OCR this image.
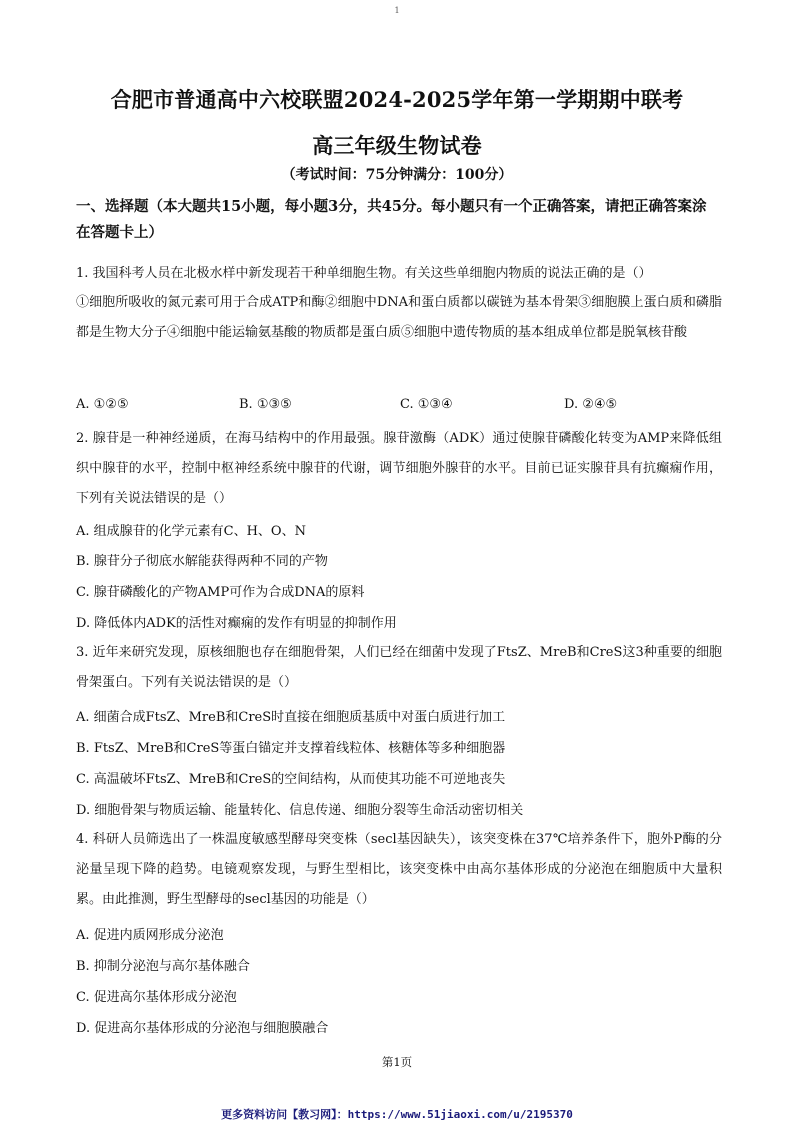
1
合肥市普通高中六校联盟2024-2025学年第一学期期中联考
高三年级生物试卷
（考试时间：75分钟满分：100分）
一、选择题（本大题共15小题，每小题3分，共45分。每小题只有一个正确答案，请把正确答案涂在答题卡上）
1. 我国科考人员在北极水样中新发现若干种单细胞生物。有关这些单细胞内物质的说法正确的是（）
①细胞所吸收的氮元素可用于合成ATP和酶②细胞中DNA和蛋白质都以碳链为基本骨架③细胞膜上蛋白质和磷脂都是生物大分子④细胞中能运输氨基酸的物质都是蛋白质⑤细胞中遗传物质的基本组成单位都是脱氧核苷酸
A. ①②⑤	B. ①③⑤	C. ①③④	D. ②④⑤
2. 腺苷是一种神经递质，在海马结构中的作用最强。腺苷激酶（ADK）通过使腺苷磷酸化转变为AMP来降低组织中腺苷的水平，控制中枢神经系统中腺苷的代谢，调节细胞外腺苷的水平。目前已证实腺苷具有抗癫痫作用，下列有关说法错误的是（）
A. 组成腺苷的化学元素有C、H、O、N
B. 腺苷分子彻底水解能获得两种不同的产物
C. 腺苷磷酸化的产物AMP可作为合成DNA的原料
D. 降低体内ADK的活性对癫痫的发作有明显的抑制作用
3. 近年来研究发现，原核细胞也存在细胞骨架，人们已经在细菌中发现了FtsZ、MreB和CreS这3种重要的细胞骨架蛋白。下列有关说法错误的是（）
A. 细菌合成FtsZ、MreB和CreS时直接在细胞质基质中对蛋白质进行加工
B. FtsZ、MreB和CreS等蛋白锚定并支撑着线粒体、核糖体等多种细胞器
C. 高温破坏FtsZ、MreB和CreS的空间结构，从而使其功能不可逆地丧失
D. 细胞骨架与物质运输、能量转化、信息传递、细胞分裂等生命活动密切相关
4. 科研人员筛选出了一株温度敏感型酵母突变株（secl基因缺失），该突变株在37℃培养条件下，胞外P酶的分泌量呈现下降的趋势。电镜观察发现，与野生型相比，该突变株中由高尔基体形成的分泌泡在细胞质中大量积累。由此推测，野生型酵母的secl基因的功能是（）
A. 促进内质网形成分泌泡
B. 抑制分泌泡与高尔基体融合
C. 促进高尔基体形成分泌泡
D. 促进高尔基体形成的分泌泡与细胞膜融合
第1页
更多资料访问【教习网】：https://www.51jiaoxi.com/u/2195370
